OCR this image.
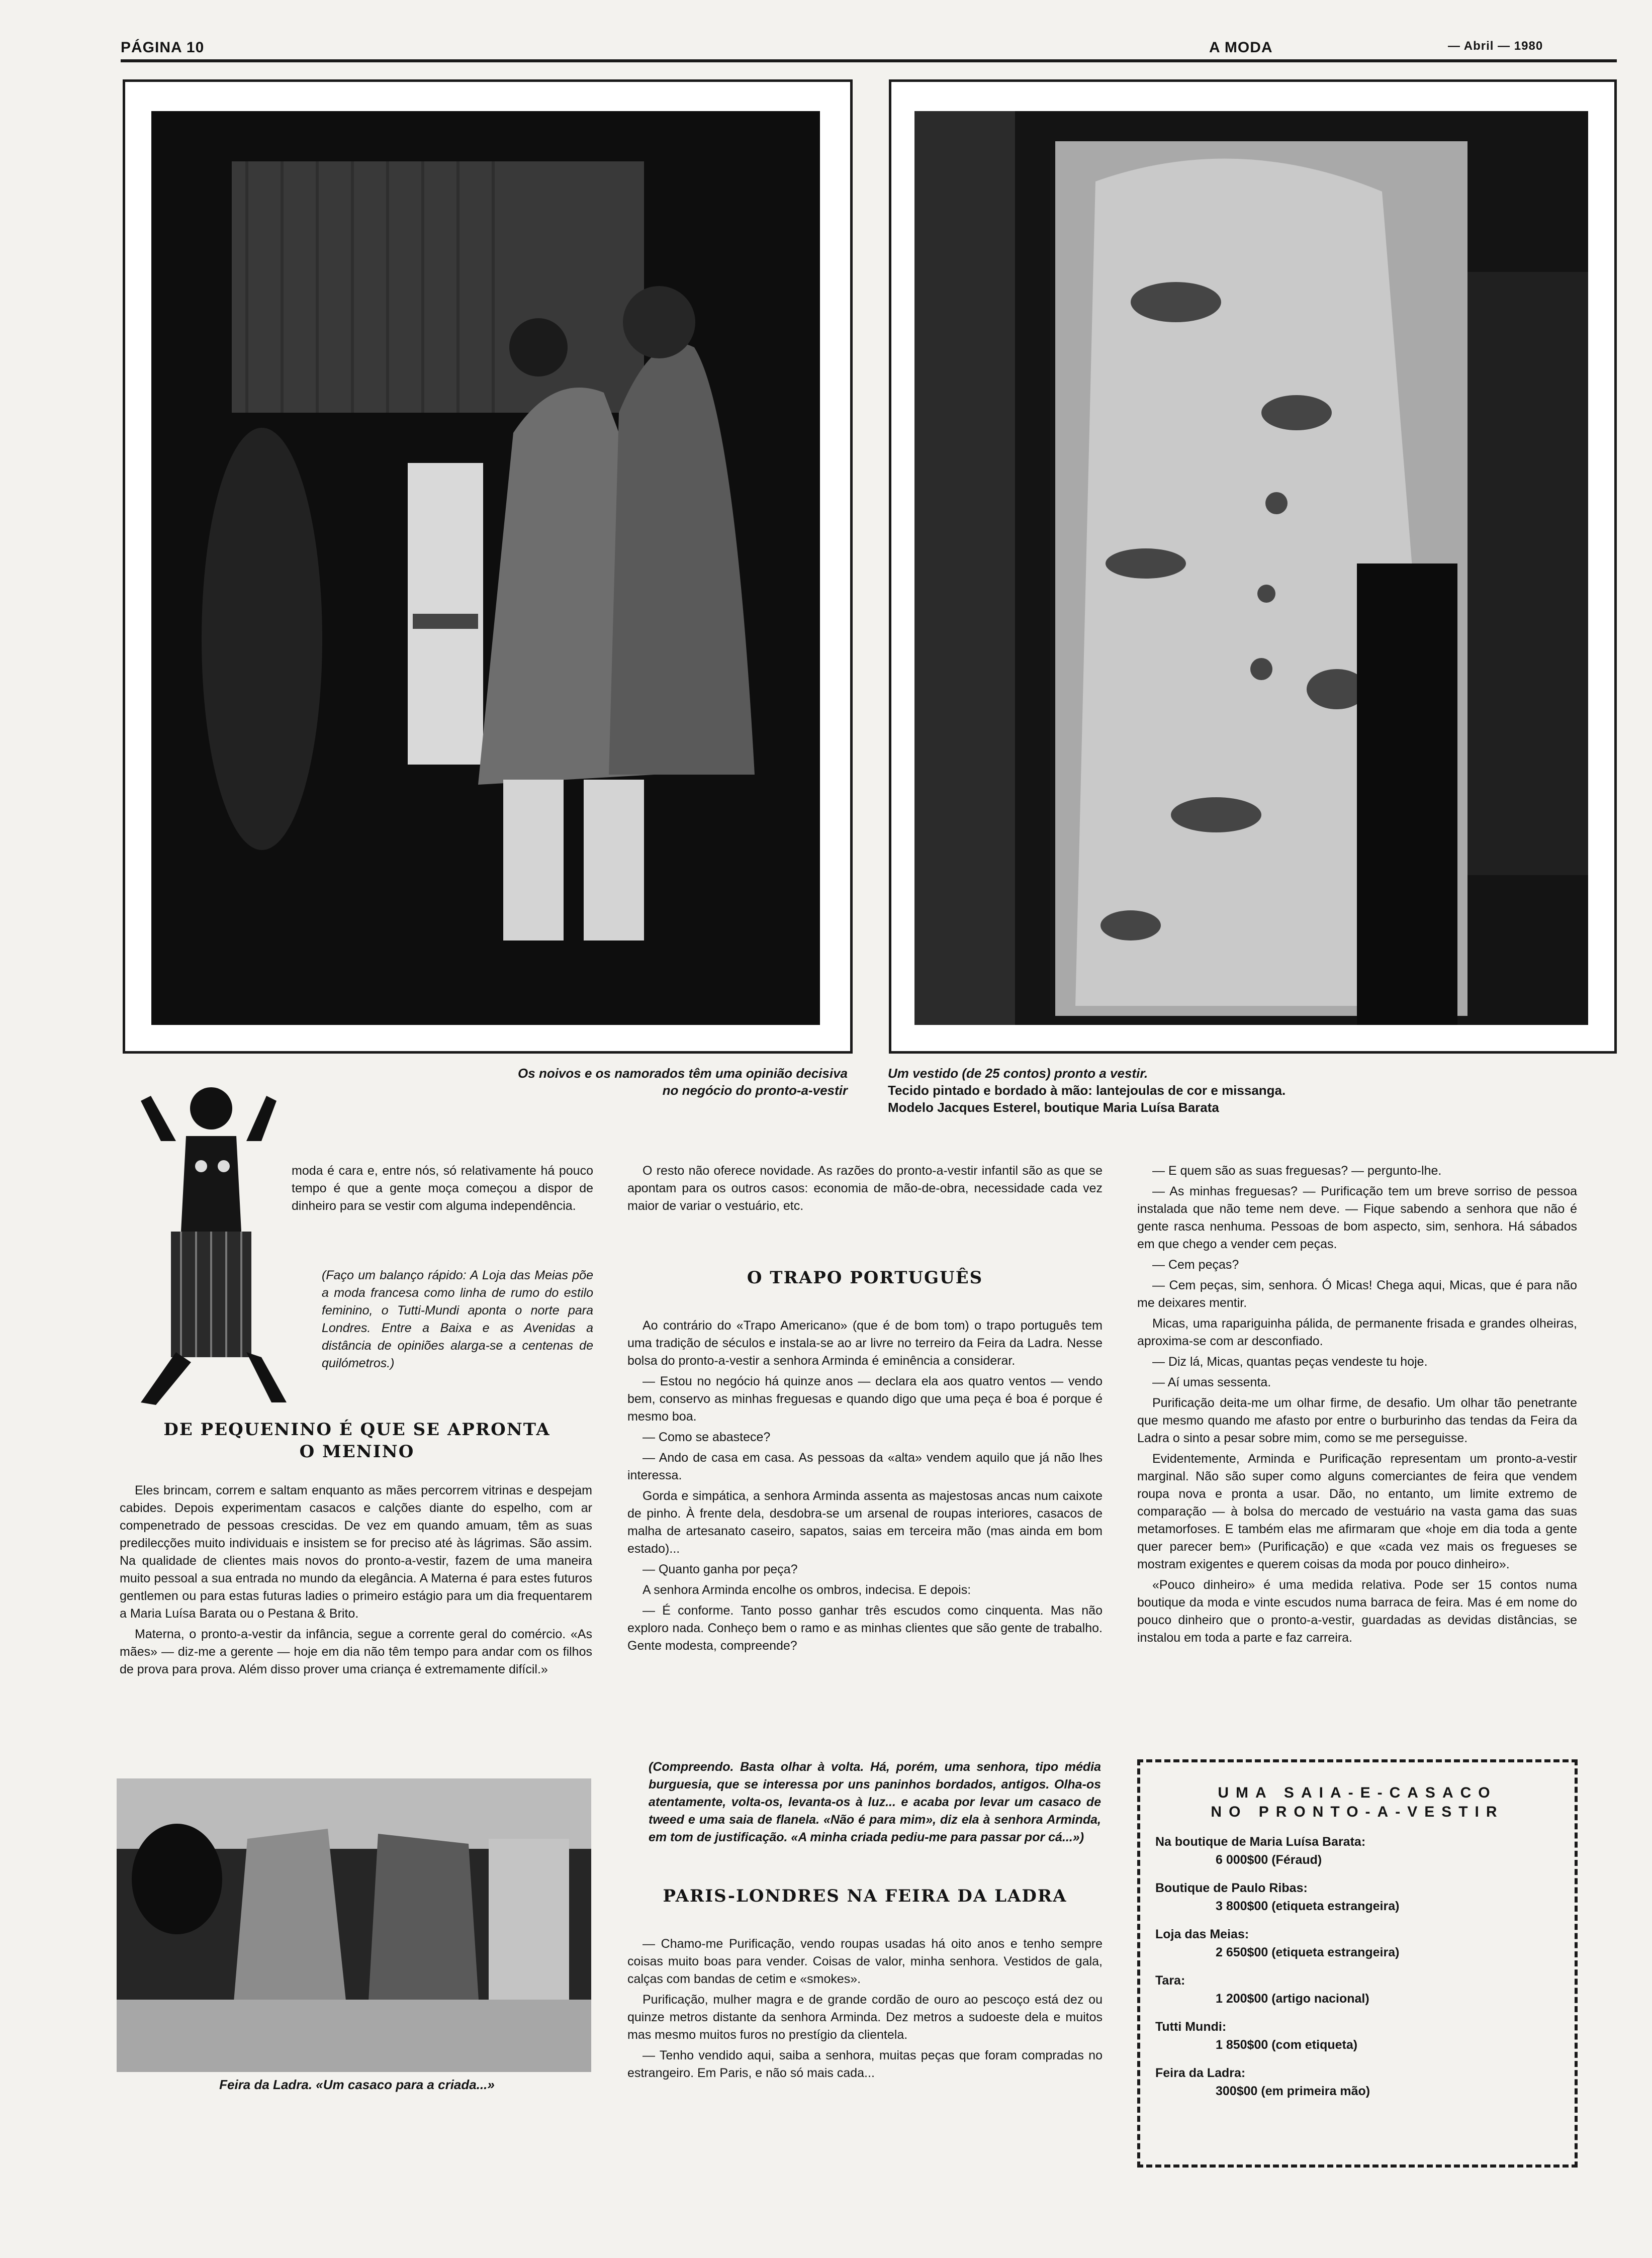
PÁGINA 10	A MODA	— Abril — 1980
Os noivos e os namorados têm uma opinião decisiva no negócio do pronto-a-vestir
Um vestido (de 25 contos) pronto a vestir.
Tecido pintado e bordado à mão: lantejoulas de cor e missanga.
Modelo Jacques Esterel, boutique Maria Luísa Barata

moda é cara e, entre nós, só relativamente há pouco tempo é que a gente moça começou a dispor de dinheiro para se vestir com alguma independência.

(Faço um balanço rápido: A Loja das Meias põe a moda francesa como linha de rumo do estilo feminino, o Tutti-Mundi aponta o norte para Londres. Entre a Baixa e as Avenidas a distância de opiniões alarga-se a centenas de quilómetros.)

DE PEQUENINO É QUE SE APRONTA O MENINO

Eles brincam, correm e saltam enquanto as mães percorrem vitrinas e despejam cabides. Depois experimentam casacos e calções diante do espelho, com ar compenetrado de pessoas crescidas. De vez em quando amuam, têm as suas predilecções muito individuais e insistem se for preciso até às lágrimas. São assim. Na qualidade de clientes mais novos do pronto-a-vestir, fazem de uma maneira muito pessoal a sua entrada no mundo da elegância. A Materna é para estes futuros gentlemen ou para estas futuras ladies o primeiro estágio para um dia frequentarem a Maria Luísa Barata ou o Pestana & Brito.

Materna, o pronto-a-vestir da infância, segue a corrente geral do comércio. «As mães» — diz-me a gerente — hoje em dia não têm tempo para andar com os filhos de prova para prova. Além disso prover uma criança é extremamente difícil.»

Feira da Ladra. «Um casaco para a criada...»

O resto não oferece novidade. As razões do pronto-a-vestir infantil são as que se apontam para os outros casos: economia de mão-de-obra, necessidade cada vez maior de variar o vestuário, etc.

O TRAPO PORTUGUÊS

Ao contrário do «Trapo Americano» (que é de bom tom) o trapo português tem uma tradição de séculos e instala-se ao ar livre no terreiro da Feira da Ladra. Nesse bolsa do pronto-a-vestir a senhora Arminda é eminência a considerar.

— Estou no negócio há quinze anos — declara ela aos quatro ventos — vendo bem, conservo as minhas freguesas e quando digo que uma peça é boa é porque é mesmo boa.

— Como se abastece?

— Ando de casa em casa. As pessoas da «alta» vendem aquilo que já não lhes interessa.

Gorda e simpática, a senhora Arminda assenta as majestosas ancas num caixote de pinho. À frente dela, desdobra-se um arsenal de roupas interiores, casacos de malha de artesanato caseiro, sapatos, saias em terceira mão (mas ainda em bom estado)...

— Quanto ganha por peça?

A senhora Arminda encolhe os ombros, indecisa. E depois:

— É conforme. Tanto posso ganhar três escudos como cinquenta. Mas não exploro nada. Conheço bem o ramo e as minhas clientes que são gente de trabalho. Gente modesta, compreende?

(Compreendo. Basta olhar à volta. Há, porém, uma senhora, tipo média burguesia, que se interessa por uns paninhos bordados, antigos. Olha-os atentamente, volta-os, levanta-os à luz... e acaba por levar um casaco de tweed e uma saia de flanela. «Não é para mim», diz ela à senhora Arminda, em tom de justificação. «A minha criada pediu-me para passar por cá...»)

PARIS-LONDRES NA FEIRA DA LADRA

— Chamo-me Purificação, vendo roupas usadas há oito anos e tenho sempre coisas muito boas para vender. Coisas de valor, minha senhora. Vestidos de gala, calças com bandas de cetim e «smokes».

Purificação, mulher magra e de grande cordão de ouro ao pescoço está dez ou quinze metros distante da senhora Arminda. Dez metros a sudoeste dela e muitos mas mesmo muitos furos no prestígio da clientela.

— Tenho vendido aqui, saiba a senhora, muitas peças que foram compradas no estrangeiro. Em Paris, e não só mais cada...

— E quem são as suas freguesas? — pergunto-lhe.

— As minhas freguesas? — Purificação tem um breve sorriso de pessoa instalada que não teme nem deve. — Fique sabendo a senhora que não é gente rasca nenhuma. Pessoas de bom aspecto, sim, senhora. Há sábados em que chego a vender cem peças.

— Cem peças?

— Cem peças, sim, senhora. Ó Micas! Chega aqui, Micas, que é para não me deixares mentir.

Micas, uma rapariguinha pálida, de permanente frisada e grandes olheiras, aproxima-se com ar desconfiado.

— Diz lá, Micas, quantas peças vendeste tu hoje.

— Aí umas sessenta.

Purificação deita-me um olhar firme, de desafio. Um olhar tão penetrante que mesmo quando me afasto por entre o burburinho das tendas da Feira da Ladra o sinto a pesar sobre mim, como se me perseguisse.

Evidentemente, Arminda e Purificação representam um pronto-a-vestir marginal. Não são super como alguns comerciantes de feira que vendem roupa nova e pronta a usar. Dão, no entanto, um limite extremo de comparação — à bolsa do mercado de vestuário na vasta gama das suas metamorfoses. E também elas me afirmaram que «hoje em dia toda a gente quer parecer bem» (Purificação) e que «cada vez mais os fregueses se mostram exigentes e querem coisas da moda por pouco dinheiro».

«Pouco dinheiro» é uma medida relativa. Pode ser 15 contos numa boutique da moda e vinte escudos numa barraca de feira. Mas é em nome do pouco dinheiro que o pronto-a-vestir, guardadas as devidas distâncias, se instalou em toda a parte e faz carreira.

UMA SAIA-E-CASACO
NO PRONTO-A-VESTIR
Na boutique de Maria Luísa Barata:
6 000$00 (Féraud)
Boutique de Paulo Ribas:
3 800$00 (etiqueta estrangeira)
Loja das Meias:
2 650$00 (etiqueta estrangeira)
Tara:
1 200$00 (artigo nacional)
Tutti Mundi:
1 850$00 (com etiqueta)
Feira da Ladra:
300$00 (em primeira mão)
